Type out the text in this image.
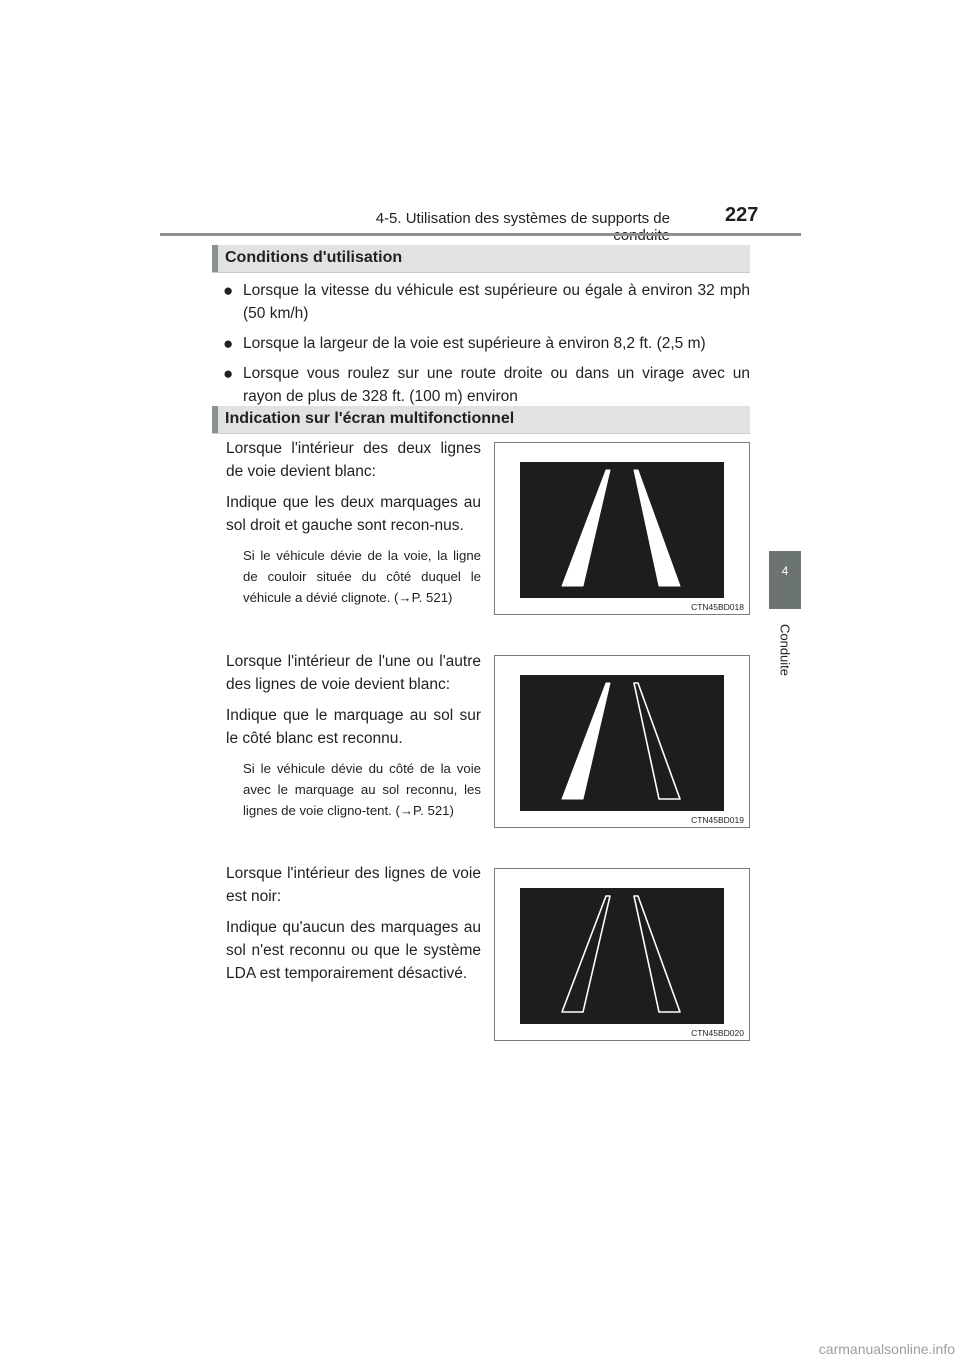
4-5. Utilisation des systèmes de supports de	227
4
Conduite
Conditions d'utilisation
● Lorsque la vitesse du véhicule est supérieure ou égale à environ 32 mph (50 km/h)
● Lorsque la largeur de la voie est supérieure à environ 8,2 ft. (2,5 m)
● Lorsque vous roulez sur une route droite ou dans un virage avec un rayon de plus de 328 ft. (100 m) environ
Indication sur l'écran multifonctionnel

Lorsque l'intérieur des deux lignes de voie devient blanc:

Indique que les deux marquages au sol droit et gauche sont recon-nus.

Si le véhicule dévie de la voie, la ligne de couloir située du côté duquel le véhicule a dévié clignote. (→P. 521)

Lorsque l'intérieur de l'une ou l'autre des lignes de voie devient blanc:

Indique que le marquage au sol sur le côté blanc est reconnu.

Si le véhicule dévie du côté de la voie avec le marquage au sol reconnu, les lignes de voie cligno-tent. (→P. 521)

Lorsque l'intérieur des lignes de voie est noir:

Indique qu'aucun des marquages au sol n'est reconnu ou que le système LDA est temporairement désactivé.

CTN45BD018
CTN45BD019
CTN45BD020
carmanualsonline.info
